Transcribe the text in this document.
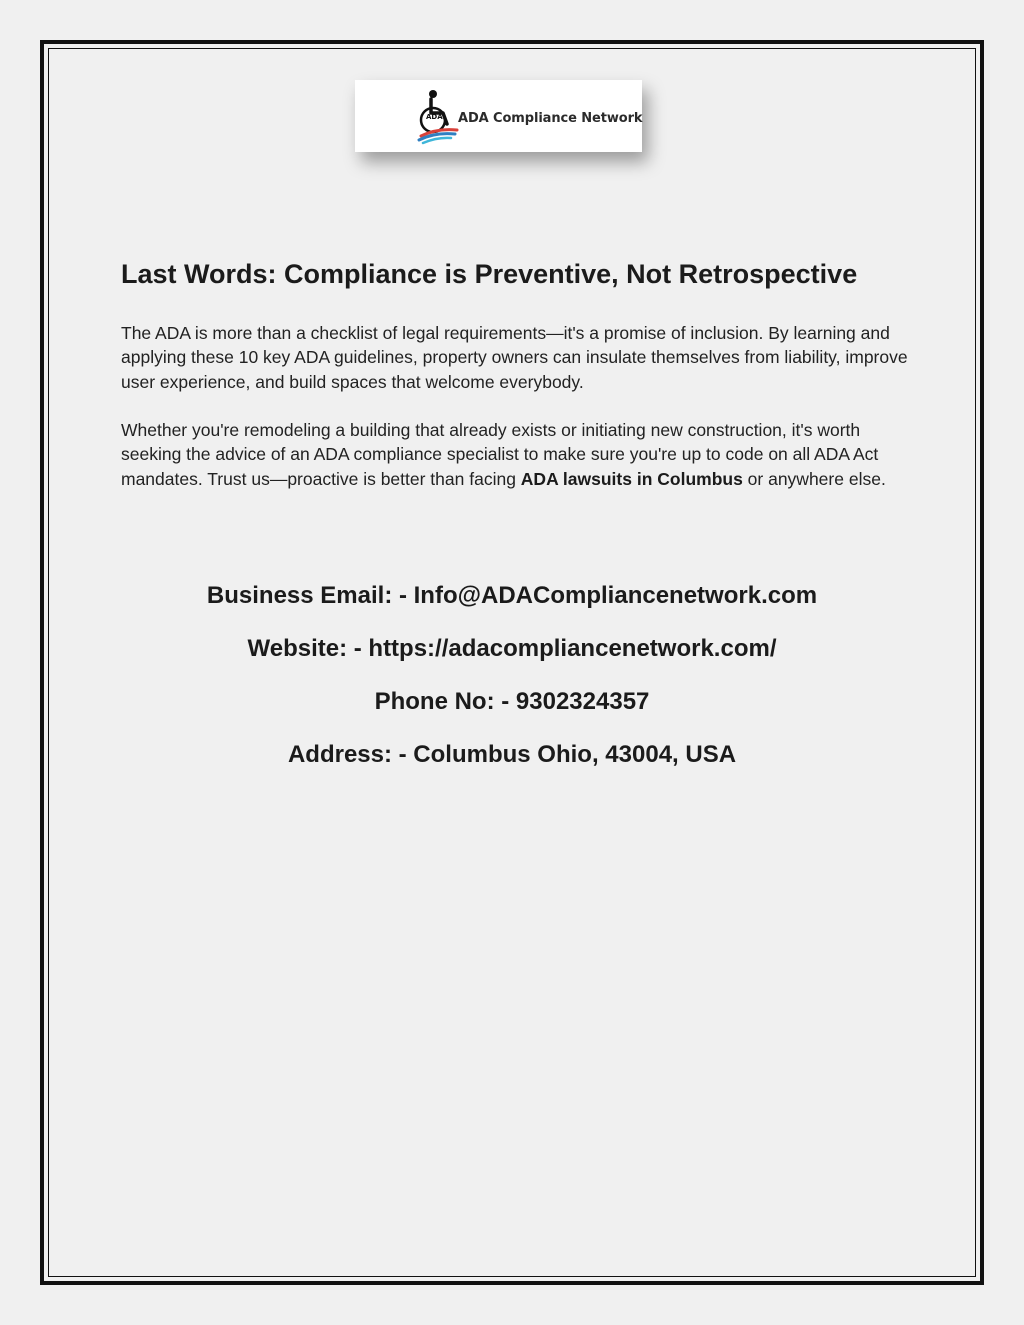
ADA ADA Compliance Network
Last Words: Compliance is Preventive, Not Retrospective

The ADA is more than a checklist of legal requirements—it's a promise of inclusion. By learning and applying these 10 key ADA guidelines, property owners can insulate themselves from liability, improve user experience, and build spaces that welcome everybody.

Whether you're remodeling a building that already exists or initiating new construction, it's worth seeking the advice of an ADA compliance specialist to make sure you're up to code on all ADA Act mandates. Trust us—proactive is better than facing ADA lawsuits in Columbus or anywhere else.

Business Email: - Info@ADACompliancenetwork.com

Website: - https://adacompliancenetwork.com/

Phone No: - 9302324357

Address: - Columbus Ohio, 43004, USA
